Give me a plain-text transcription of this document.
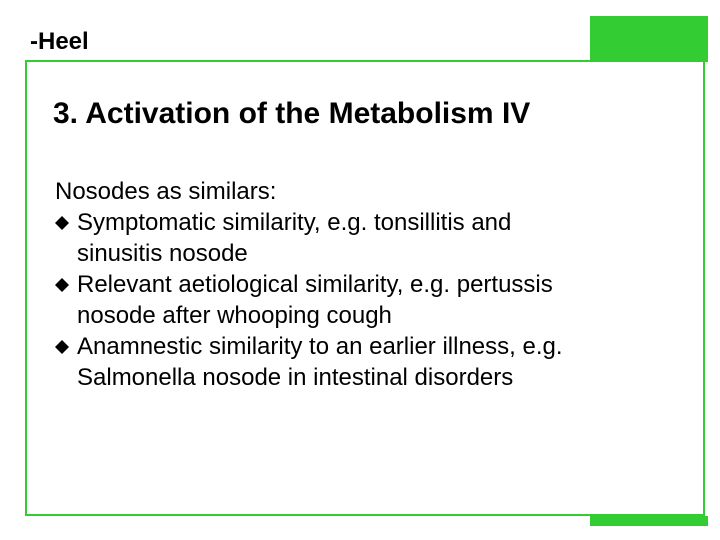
-Heel
3. Activation of the Metabolism IV
Nosodes as similars:
Symptomatic similarity, e.g. tonsillitis and
sinusitis nosode
Relevant aetiological similarity, e.g. pertussis
nosode after whooping cough
Anamnestic similarity to an earlier illness, e.g.
Salmonella nosode in intestinal disorders
